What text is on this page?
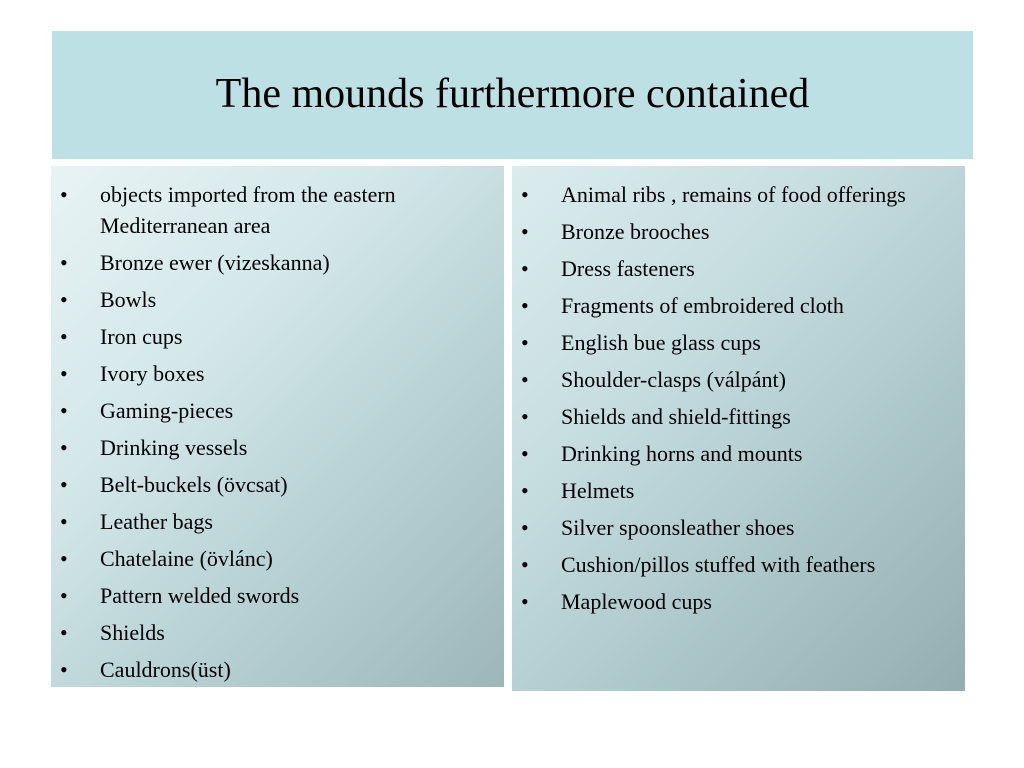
The mounds furthermore contained
• objects imported from the eastern Mediterranean area
• Bronze ewer (vizeskanna)
• Bowls
• Iron cups
• Ivory boxes
• Gaming-pieces
• Drinking vessels
• Belt-buckels (övcsat)
• Leather bags
• Chatelaine (övlánc)
• Pattern welded swords
• Shields
• Cauldrons(üst)
• Animal ribs , remains of food offerings
• Bronze brooches
• Dress fasteners
• Fragments of embroidered cloth
• English bue glass cups
• Shoulder-clasps (válpánt)
• Shields and shield-fittings
• Drinking horns and mounts
• Helmets
• Silver spoonsleather shoes
• Cushion/pillos stuffed with feathers
• Maplewood cups
